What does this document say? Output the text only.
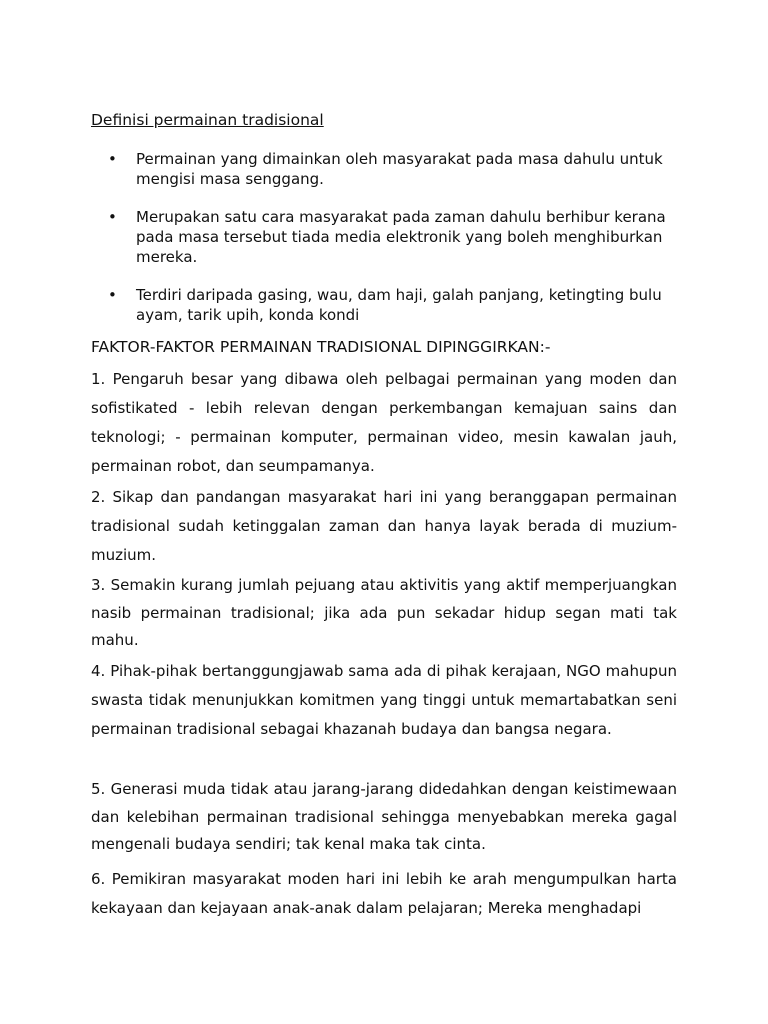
Definisi permainan tradisional
• Permainan yang dimainkan oleh masyarakat pada masa dahulu untuk mengisi masa senggang.
• Merupakan satu cara masyarakat pada zaman dahulu berhibur kerana pada masa tersebut tiada media elektronik yang boleh menghiburkan mereka.
• Terdiri daripada gasing, wau, dam haji, galah panjang, ketingting bulu ayam, tarik upih, konda kondi

FAKTOR-FAKTOR PERMAINAN TRADISIONAL DIPINGGIRKAN:-

1. Pengaruh besar yang dibawa oleh pelbagai permainan yang moden dan sofistikated - lebih relevan dengan perkembangan kemajuan sains dan teknologi; - permainan komputer, permainan video, mesin kawalan jauh, permainan robot, dan seumpamanya.

2. Sikap dan pandangan masyarakat hari ini yang beranggapan permainan tradisional sudah ketinggalan zaman dan hanya layak berada di muzium-muzium.

3. Semakin kurang jumlah pejuang atau aktivitis yang aktif memperjuangkan nasib permainan tradisional; jika ada pun sekadar hidup segan mati tak mahu.

4. Pihak-pihak bertanggungjawab sama ada di pihak kerajaan, NGO mahupun swasta tidak menunjukkan komitmen yang tinggi untuk memartabatkan seni permainan tradisional sebagai khazanah budaya dan bangsa negara.

5. Generasi muda tidak atau jarang-jarang didedahkan dengan keistimewaan dan kelebihan permainan tradisional sehingga menyebabkan mereka gagal mengenali budaya sendiri; tak kenal maka tak cinta.

6. Pemikiran masyarakat moden hari ini lebih ke arah mengumpulkan harta kekayaan dan kejayaan anak-anak dalam pelajaran; Mereka menghadapi
